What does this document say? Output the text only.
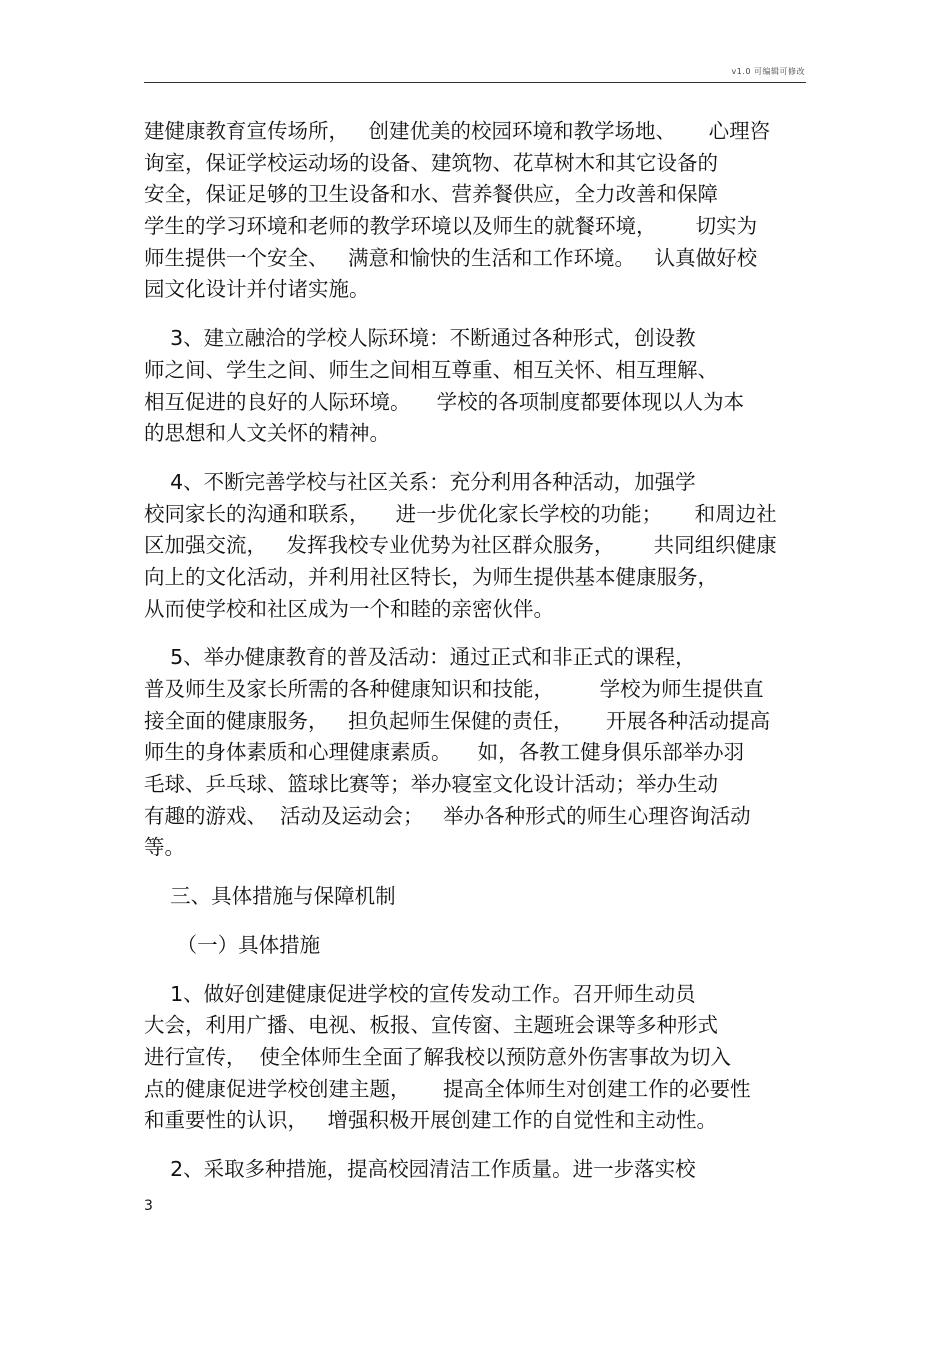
v1.0 可编辑可修改
建健康教育宣传场所，   创建优美的校园环境和教学场地、     心理咨
询室，保证学校运动场的设备、建筑物、花草树木和其它设备的
安全，保证足够的卫生设备和水、营养餐供应，全力改善和保障
学生的学习环境和老师的教学环境以及师生的就餐环境，      切实为
师生提供一个安全、   满意和愉快的生活和工作环境。   认真做好校
园文化设计并付诸实施。
3、建立融洽的学校人际环境：不断通过各种形式，创设教
师之间、学生之间、师生之间相互尊重、相互关怀、相互理解、
相互促进的良好的人际环境。    学校的各项制度都要体现以人为本
的思想和人文关怀的精神。
4、不断完善学校与社区关系：充分利用各种活动，加强学
校同家长的沟通和联系，    进一步优化家长学校的功能；     和周边社
区加强交流，   发挥我校专业优势为社区群众服务，      共同组织健康
向上的文化活动，并利用社区特长，为师生提供基本健康服务，
从而使学校和社区成为一个和睦的亲密伙伴。
5、举办健康教育的普及活动：通过正式和非正式的课程，
普及师生及家长所需的各种健康知识和技能，       学校为师生提供直
接全面的健康服务，   担负起师生保健的责任，     开展各种活动提高
师生的身体素质和心理健康素质。    如，各教工健身俱乐部举办羽
毛球、乒乓球、篮球比赛等；举办寝室文化设计活动；举办生动
有趣的游戏、  活动及运动会；   举办各种形式的师生心理咨询活动
等。
三、具体措施与保障机制
（一）具体措施
1、做好创建健康促进学校的宣传发动工作。召开师生动员
大会，利用广播、电视、板报、宣传窗、主题班会课等多种形式
进行宣传，  使全体师生全面了解我校以预防意外伤害事故为切入
点的健康促进学校创建主题，     提高全体师生对创建工作的必要性
和重要性的认识，   增强积极开展创建工作的自觉性和主动性。
2、采取多种措施，提高校园清洁工作质量。进一步落实校
3
